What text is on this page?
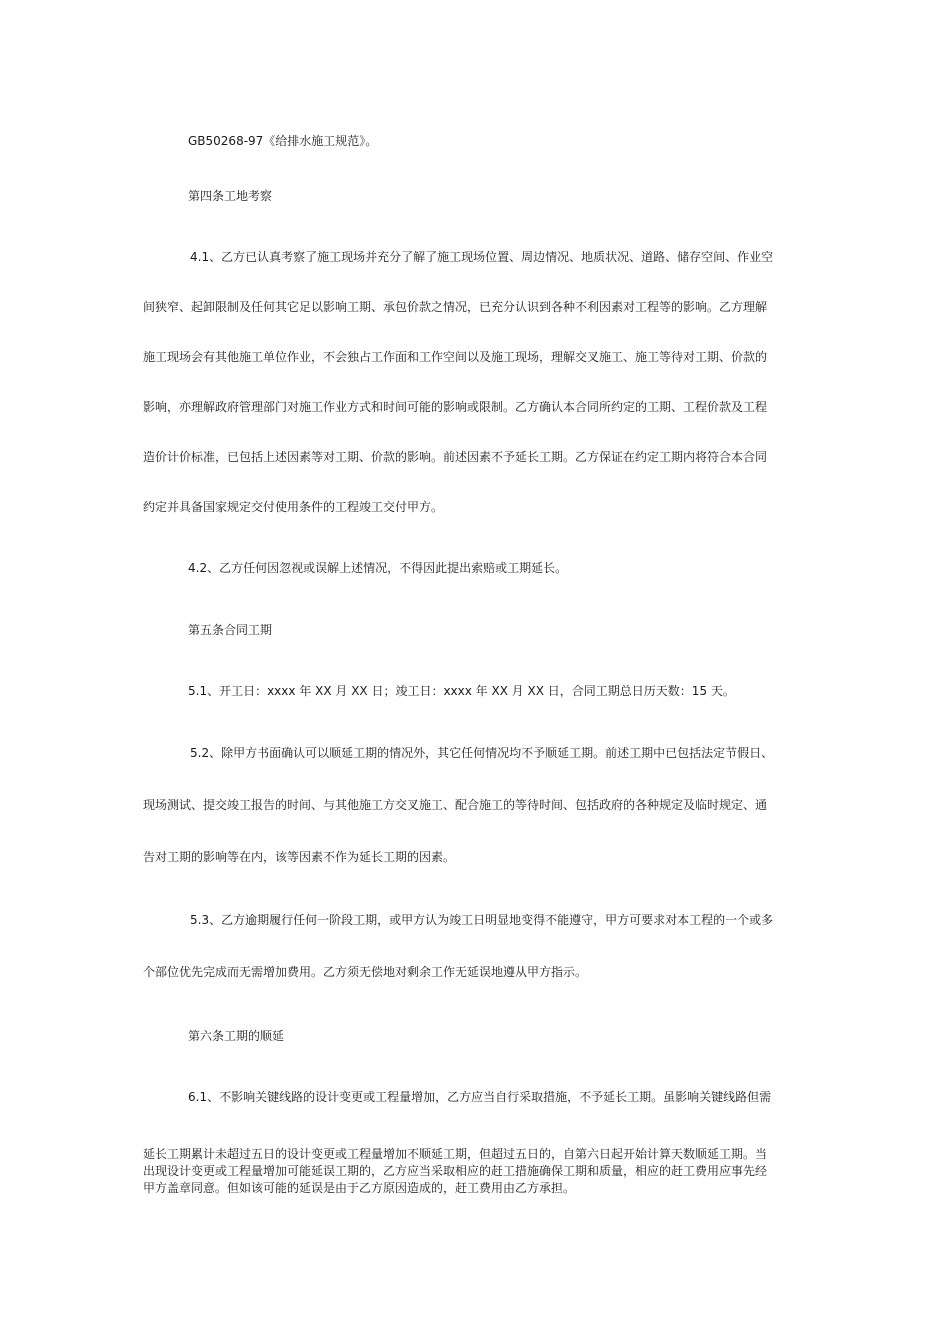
GB50268-97《给排水施工规范》。
第四条工地考察
4.1、乙方已认真考察了施工现场并充分了解了施工现场位置、周边情况、地质状况、道路、储存空间、作业空
间狭窄、起卸限制及任何其它足以影响工期、承包价款之情况，已充分认识到各种不利因素对工程等的影响。乙方理解
施工现场会有其他施工单位作业，不会独占工作面和工作空间以及施工现场，理解交叉施工、施工等待对工期、价款的
影响，亦理解政府管理部门对施工作业方式和时间可能的影响或限制。乙方确认本合同所约定的工期、工程价款及工程
造价计价标准，已包括上述因素等对工期、价款的影响。前述因素不予延长工期。乙方保证在约定工期内将符合本合同
约定并具备国家规定交付使用条件的工程竣工交付甲方。
4.2、乙方任何因忽视或误解上述情况，不得因此提出索赔或工期延长。
第五条合同工期
5.1、开工日：xxxx 年 XX 月 XX 日；竣工日：xxxx 年 XX 月 XX 日，合同工期总日历天数：15 天。
5.2、除甲方书面确认可以顺延工期的情况外，其它任何情况均不予顺延工期。前述工期中已包括法定节假日、
现场测试、提交竣工报告的时间、与其他施工方交叉施工、配合施工的等待时间、包括政府的各种规定及临时规定、通
告对工期的影响等在内，该等因素不作为延长工期的因素。
5.3、乙方逾期履行任何一阶段工期，或甲方认为竣工日明显地变得不能遵守，甲方可要求对本工程的一个或多
个部位优先完成而无需增加费用。乙方须无偿地对剩余工作无延误地遵从甲方指示。
第六条工期的顺延
6.1、不影响关键线路的设计变更或工程量增加，乙方应当自行采取措施，不予延长工期。虽影响关键线路但需
延长工期累计未超过五日的设计变更或工程量增加不顺延工期，但超过五日的，自第六日起开始计算天数顺延工期。当
出现设计变更或工程量增加可能延误工期的，乙方应当采取相应的赶工措施确保工期和质量，相应的赶工费用应事先经
甲方盖章同意。但如该可能的延误是由于乙方原因造成的，赶工费用由乙方承担。
